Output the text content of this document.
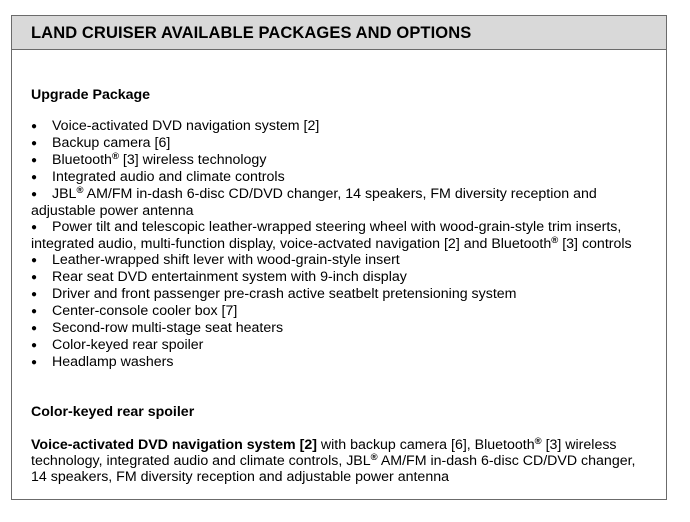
LAND CRUISER AVAILABLE PACKAGES AND OPTIONS
Upgrade Package
● Voice-activated DVD navigation system [2]
● Backup camera [6]
● Bluetooth® [3] wireless technology
● Integrated audio and climate controls
● JBL® AM/FM in-dash 6-disc CD/DVD changer, 14 speakers, FM diversity reception and adjustable power antenna
● Power tilt and telescopic leather-wrapped steering wheel with wood-grain-style trim inserts, integrated audio, multi-function display, voice-actvated navigation [2] and Bluetooth® [3] controls
● Leather-wrapped shift lever with wood-grain-style insert
● Rear seat DVD entertainment system with 9-inch display
● Driver and front passenger pre-crash active seatbelt pretensioning system
● Center-console cooler box [7]
● Second-row multi-stage seat heaters
● Color-keyed rear spoiler
● Headlamp washers
Color-keyed rear spoiler
Voice-activated DVD navigation system [2] with backup camera [6], Bluetooth® [3] wireless technology, integrated audio and climate controls, JBL® AM/FM in-dash 6-disc CD/DVD changer, 14 speakers, FM diversity reception and adjustable power antenna
